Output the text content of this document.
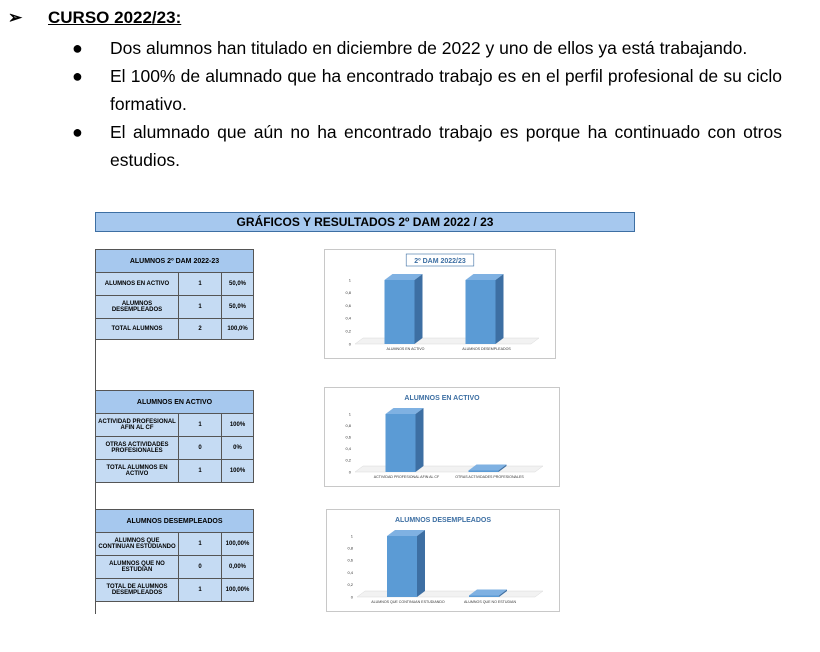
➢ CURSO 2022/23:
● Dos alumnos han titulado en diciembre de 2022 y uno de ellos ya está trabajando.
● El 100% de alumnado que ha encontrado trabajo es en el perfil profesional de su ciclo formativo.
● El alumnado que aún no ha encontrado trabajo es porque ha continuado con otros estudios.
GRÁFICOS Y RESULTADOS 2º DAM 2022 / 23
ALUMNOS 2º DAM 2022-23		
ALUMNOS EN ACTIVO	1	50,0%
ALUMNOS DESEMPLEADOS	1	50,0%
TOTAL ALUMNOS	2	100,0%
ALUMNOS EN ACTIVO		
ACTIVIDAD PROFESIONAL AFIN AL CF	1	100%
OTRAS ACTIVIDADES PROFESIONALES	0	0%
TOTAL ALUMNOS EN ACTIVO	1	100%
ALUMNOS DESEMPLEADOS		
ALUMNOS QUE CONTINUAN ESTUDIANDO	1	100,00%
ALUMNOS QUE NO ESTUDIAN	0	0,00%
TOTAL DE ALUMNOS DESEMPLEADOS	1	100,00%
2º DAM 2022/23
0
0,2
0,4
0,6
0,8
1
ALUMNOS EN ACTIVO	ALUMNOS DESEMPLEADOS
ALUMNOS EN ACTIVO
0
0,2
0,4
0,6
0,8
1
ACTIVIDAD PROFESIONAL AFIN AL CF	OTRAS ACTIVIDADES PROFESIONALES
ALUMNOS DESEMPLEADOS
0
0,2
0,4
0,6
0,8
1
ALUMNOS QUE CONTINUAN ESTUDIANDO	ALUMNOS QUE NO ESTUDIAN
